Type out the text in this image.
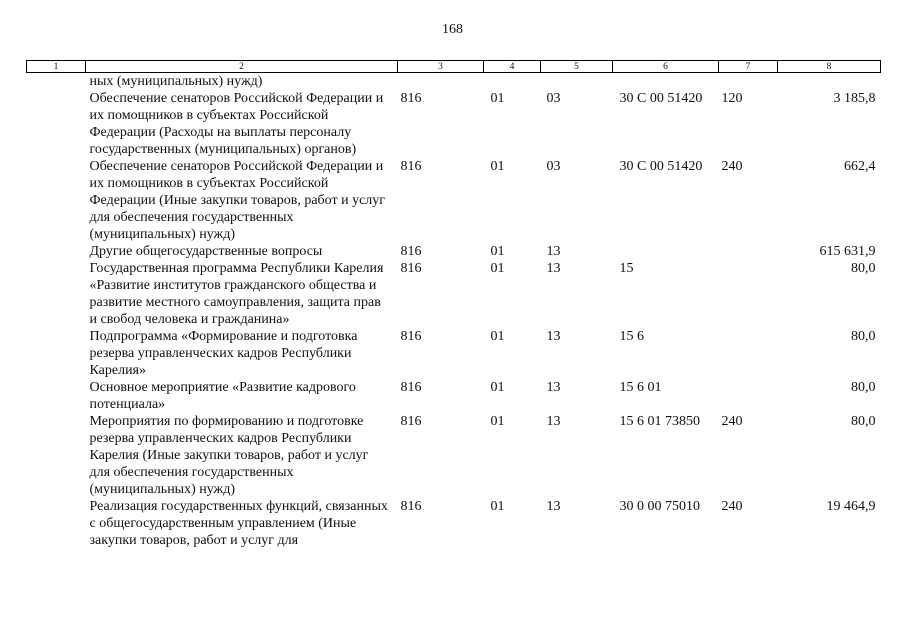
168
1	2	3	4	5	6	7	8
	ных (муниципальных) нужд)						
	Обеспечение сенаторов Российской Федерации и их помощников в субъектах Российской Федерации (Расходы на выплаты персоналу государственных (муниципальных) органов)	816	01	03	30 С 00 51420	120	3 185,8
	Обеспечение сенаторов Российской Федерации и их помощников в субъектах Российской Федерации (Иные закупки товаров, работ и услуг для обеспечения государственных (муниципальных) нужд)	816	01	03	30 С 00 51420	240	662,4
	Другие общегосударственные вопросы	816	01	13			615 631,9
	Государственная программа Республики Карелия «Развитие институтов гражданского общества и развитие местного самоуправления, защита прав и свобод человека и гражданина»	816	01	13	15		80,0
	Подпрограмма «Формирование и подготовка резерва управленческих кадров Республики Карелия»	816	01	13	15 6		80,0
	Основное мероприятие «Развитие кадрового потенциала»	816	01	13	15 6 01		80,0
	Мероприятия по формированию и подготовке резерва управленческих кадров Республики Карелия (Иные закупки товаров, работ и услуг для обеспечения государственных (муниципальных) нужд)	816	01	13	15 6 01 73850	240	80,0
	Реализация государственных функций, связанных с общегосударственным управлением (Иные закупки товаров, работ и услуг для	816	01	13	30 0 00 75010	240	19 464,9
